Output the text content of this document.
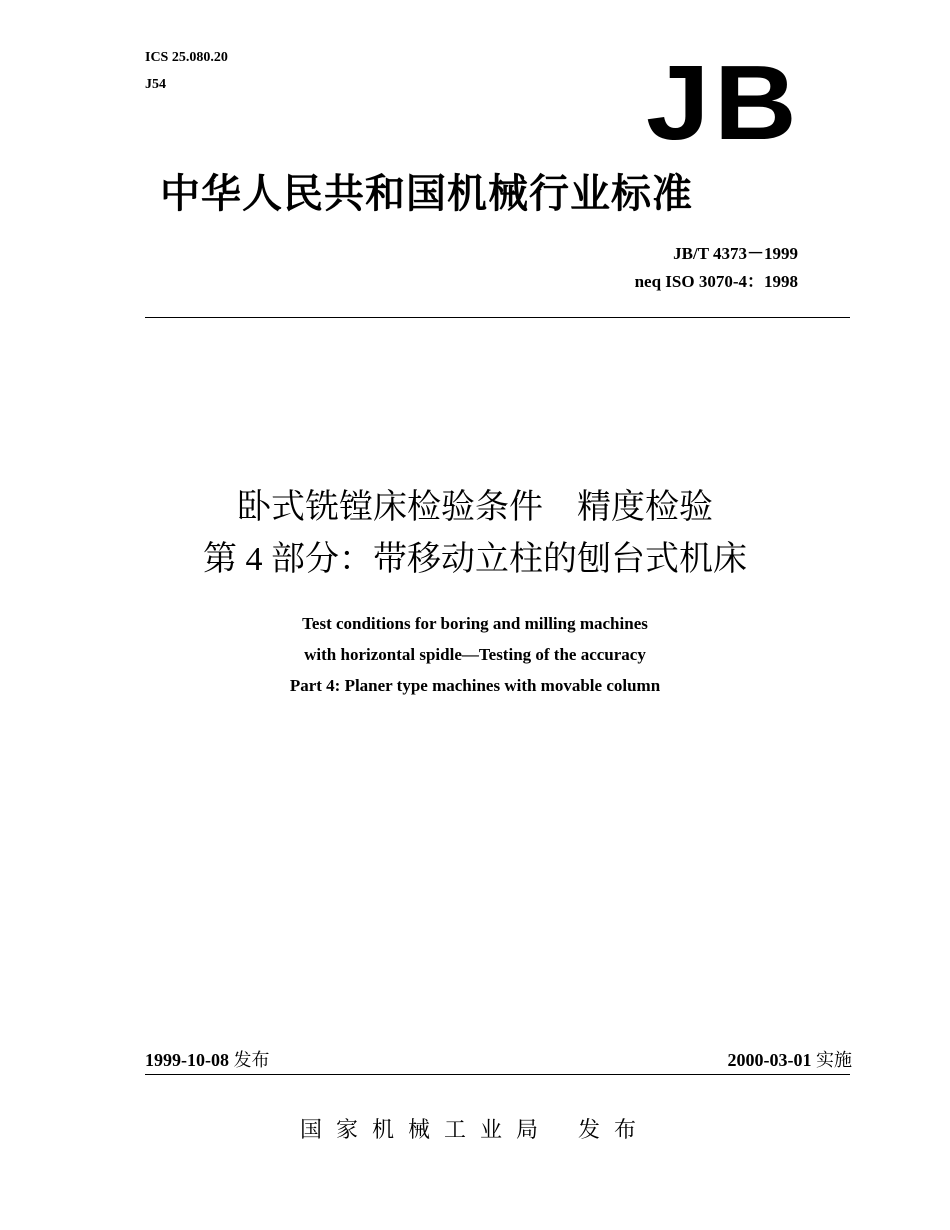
ICS 25.080.20
J54	JB
中华人民共和国机械行业标准
JB/T 4373－1999
neq ISO 3070-4：1998
卧式铣镗床检验条件　精度检验
第 4 部分：带移动立柱的刨台式机床
Test conditions for boring and milling machines
with horizontal spidle—Testing of the accuracy
Part 4: Planer type machines with movable column
1999-10-08 发布	2000-03-01 实施
国家机械工业局 发布
